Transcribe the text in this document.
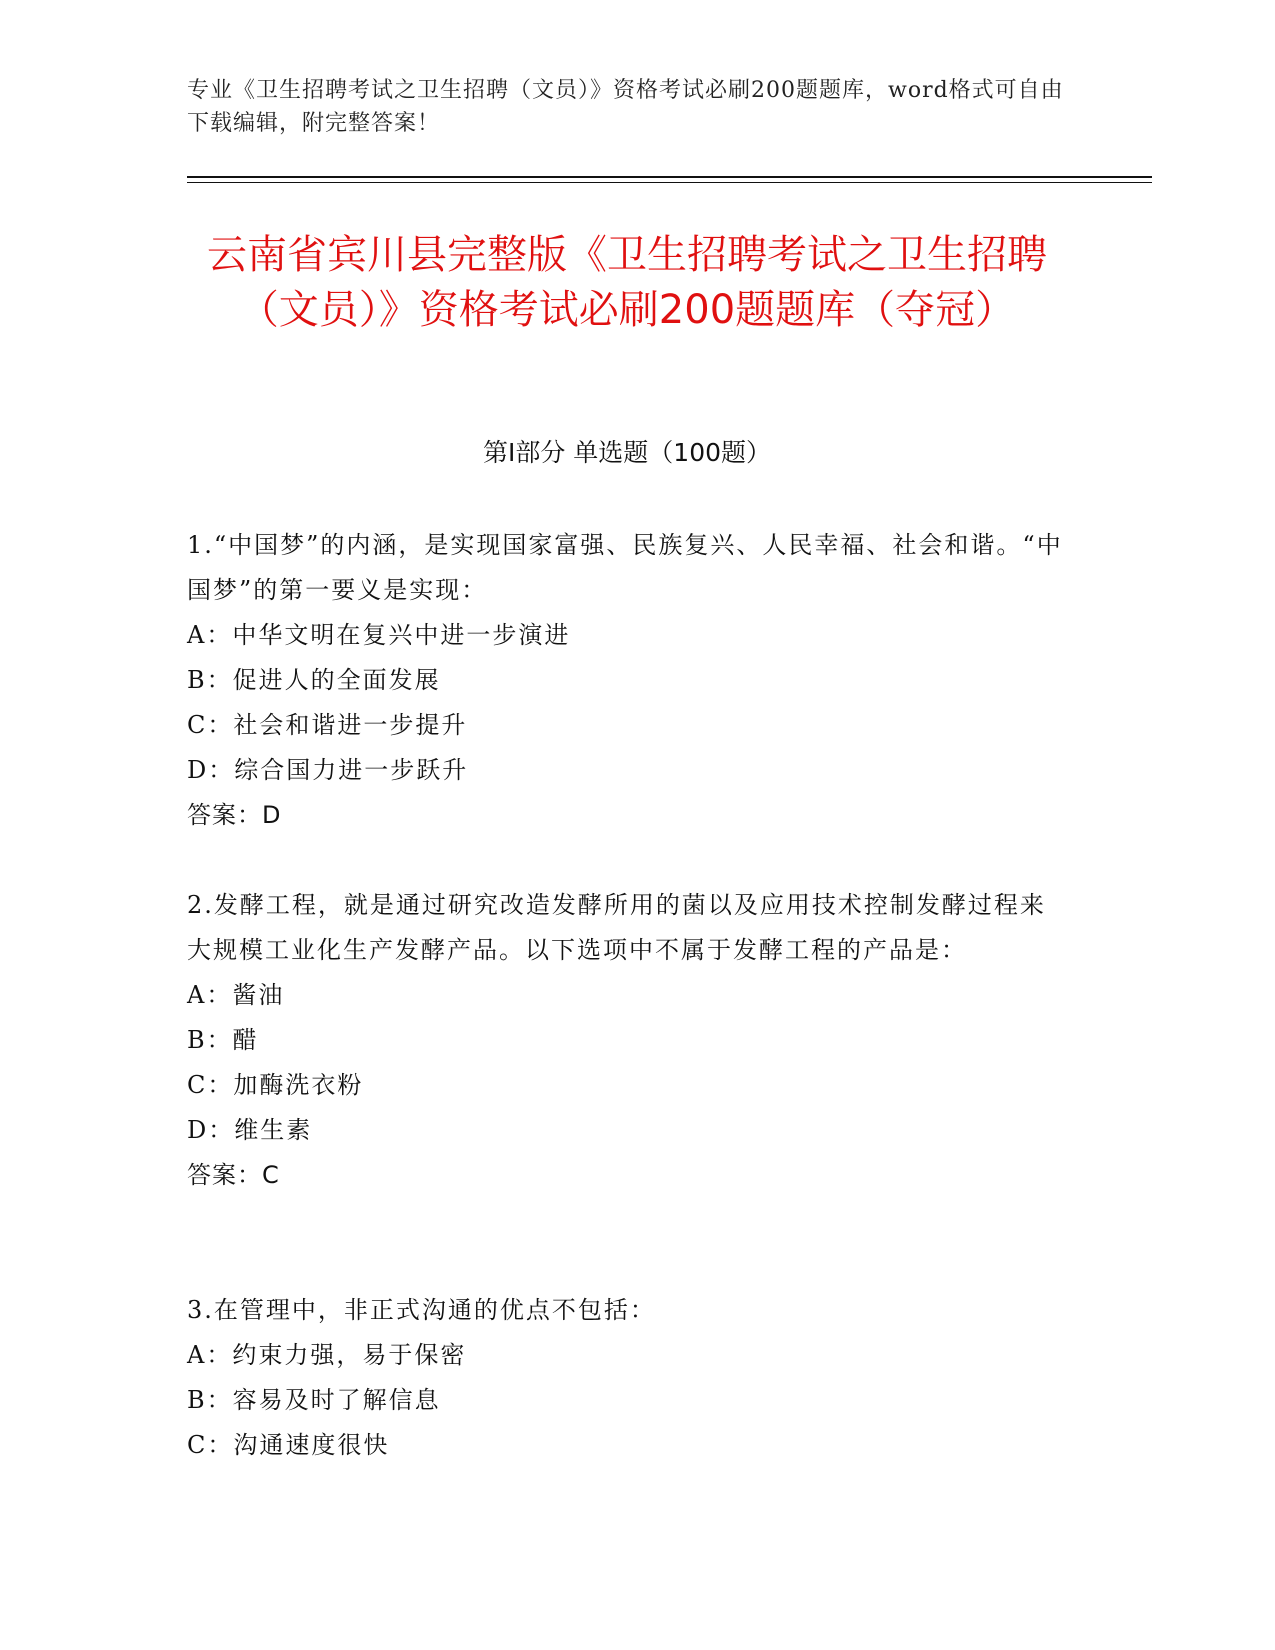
专业《卫生招聘考试之卫生招聘（文员）》资格考试必刷200题题库，word格式可自由下载编辑，附完整答案！
云南省宾川县完整版《卫生招聘考试之卫生招聘（文员）》资格考试必刷200题题库（夺冠）
第I部分 单选题（100题）
1.“中国梦”的内涵，是实现国家富强、民族复兴、人民幸福、社会和谐。“中国梦”的第一要义是实现：
A：中华文明在复兴中进一步演进
B：促进人的全面发展
C：社会和谐进一步提升
D：综合国力进一步跃升
答案：D
2.发酵工程，就是通过研究改造发酵所用的菌以及应用技术控制发酵过程来大规模工业化生产发酵产品。以下选项中不属于发酵工程的产品是：
A：酱油
B：醋
C：加酶洗衣粉
D：维生素
答案：C
3.在管理中，非正式沟通的优点不包括：
A：约束力强，易于保密
B：容易及时了解信息
C：沟通速度很快
